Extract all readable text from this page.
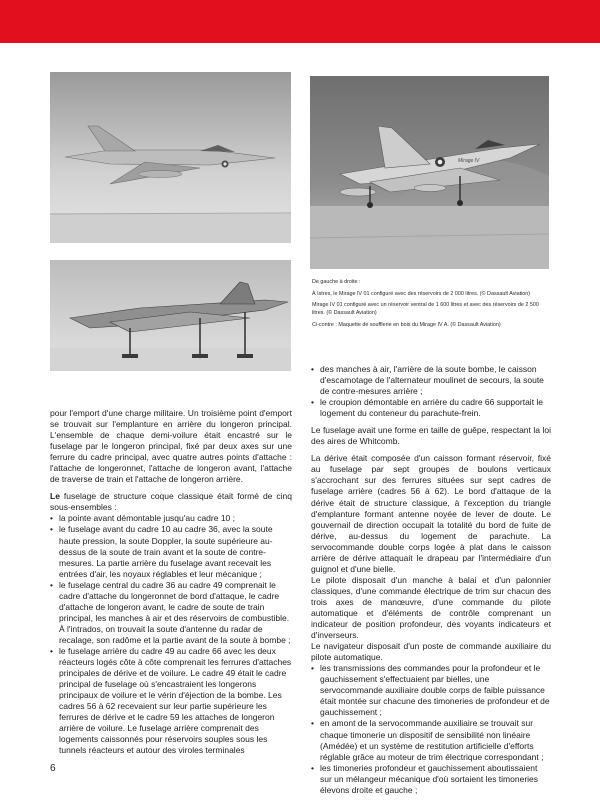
Mirage IV

De gauche à droite :

À Istres, le Mirage IV 01 configuré avec des réservoirs de 2 000 litres. (© Dassault Aviation)

Mirage IV 01 configuré avec un réservoir ventral de 1 600 litres et avec des réservoirs de 2 500 litres. (© Dassault Aviation)

Ci-contre : Maquette de soufflerie en bois du Mirage IV A. (© Dassault Aviation)

pour l'emport d'une charge militaire. Un troisième point d'emport se trouvait sur l'emplanture en arrière du longeron principal. L'ensemble de chaque demi-voilure était encastré sur le fuselage par le longeron principal, fixé par deux axes sur une ferrure du cadre principal, avec quatre autres points d'attache : l'attache de longeronnet, l'attache de longeron avant, l'attache de traverse de train et l'attache de longeron arrière.

Le fuselage de structure coque classique était formé de cinq sous-ensembles :

• la pointe avant démontable jusqu'au cadre 10 ;
• le fuselage avant du cadre 10 au cadre 36, avec la soute haute pression, la soute Doppler, la soute supérieure au-dessus de la soute de train avant et la soute de contre-mesures. La partie arrière du fuselage avant recevait les entrées d'air, les noyaux réglables et leur mécanique ;
• le fuselage central du cadre 36 au cadre 49 comprenait le cadre d'attache du longeronnet de bord d'attaque, le cadre d'attache de longeron avant, le cadre de soute de train principal, les manches à air et des réservoirs de combustible. À l'intrados, on trouvait la soute d'antenne du radar de recalage, son radôme et la partie avant de la soute à bombe ;
• le fuselage arrière du cadre 49 au cadre 66 avec les deux réacteurs logés côte à côte comprenait les ferrures d'attaches principales de dérive et de voilure. Le cadre 49 était le cadre principal de fuselage où s'encastraient les longerons principaux de voilure et le vérin d'éjection de la bombe. Les cadres 56 à 62 recevaient sur leur partie supérieure les ferrures de dérive et le cadre 59 les attaches de longeron arrière de voilure. Le fuselage arrière comprenait des logements caissonnés pour réservoirs souples sous les tunnels réacteurs et autour des viroles terminales
• des manches à air, l'arrière de la soute bombe, le caisson d'escamotage de l'alternateur moulinet de secours, la soute de contre-mesures arrière ;
• le croupion démontable en arrière du cadre 66 supportait le logement du conteneur du parachute-frein.

Le fuselage avait une forme en taille de guêpe, respectant la loi des aires de Whitcomb.

La dérive était composée d'un caisson formant réservoir, fixé au fuselage par sept groupes de boulons verticaux s'accrochant sur des ferrures situées sur sept cadres de fuselage arrière (cadres 56 à 62). Le bord d'attaque de la dérive était de structure classique, à l'exception du triangle d'emplanture formant antenne noyée de lever de doute. Le gouvernail de direction occupait la totalité du bord de fuite de dérive, au-dessus du logement de parachute. La servocommande double corps logée à plat dans le caisson arrière de dérive attaquait le drapeau par l'intermédiaire d'un guignol et d'une bielle.

Le pilote disposait d'un manche à balai et d'un palonnier classiques, d'une commande électrique de trim sur chacun des trois axes de manœuvre, d'une commande du pilote automatique et d'éléments de contrôle comprenant un indicateur de position profondeur, des voyants indicateurs et d'inverseurs.

Le navigateur disposait d'un poste de commande auxiliaire du pilote automatique.

• les transmissions des commandes pour la profondeur et le gauchissement s'effectuaient par bielles, une servocommande auxiliaire double corps de faible puissance était montée sur chacune des timoneries de profondeur et de gauchissement ;
• en amont de la servocommande auxiliaire se trouvait sur chaque timonerie un dispositif de sensibilité non linéaire (Amédée) et un système de restitution artificielle d'efforts réglable grâce au moteur de trim électrique correspondant ;
• les timoneries profondeur et gauchissement aboutissaient sur un mélangeur mécanique d'où sortaient les timoneries élevons droite et gauche ;
6
